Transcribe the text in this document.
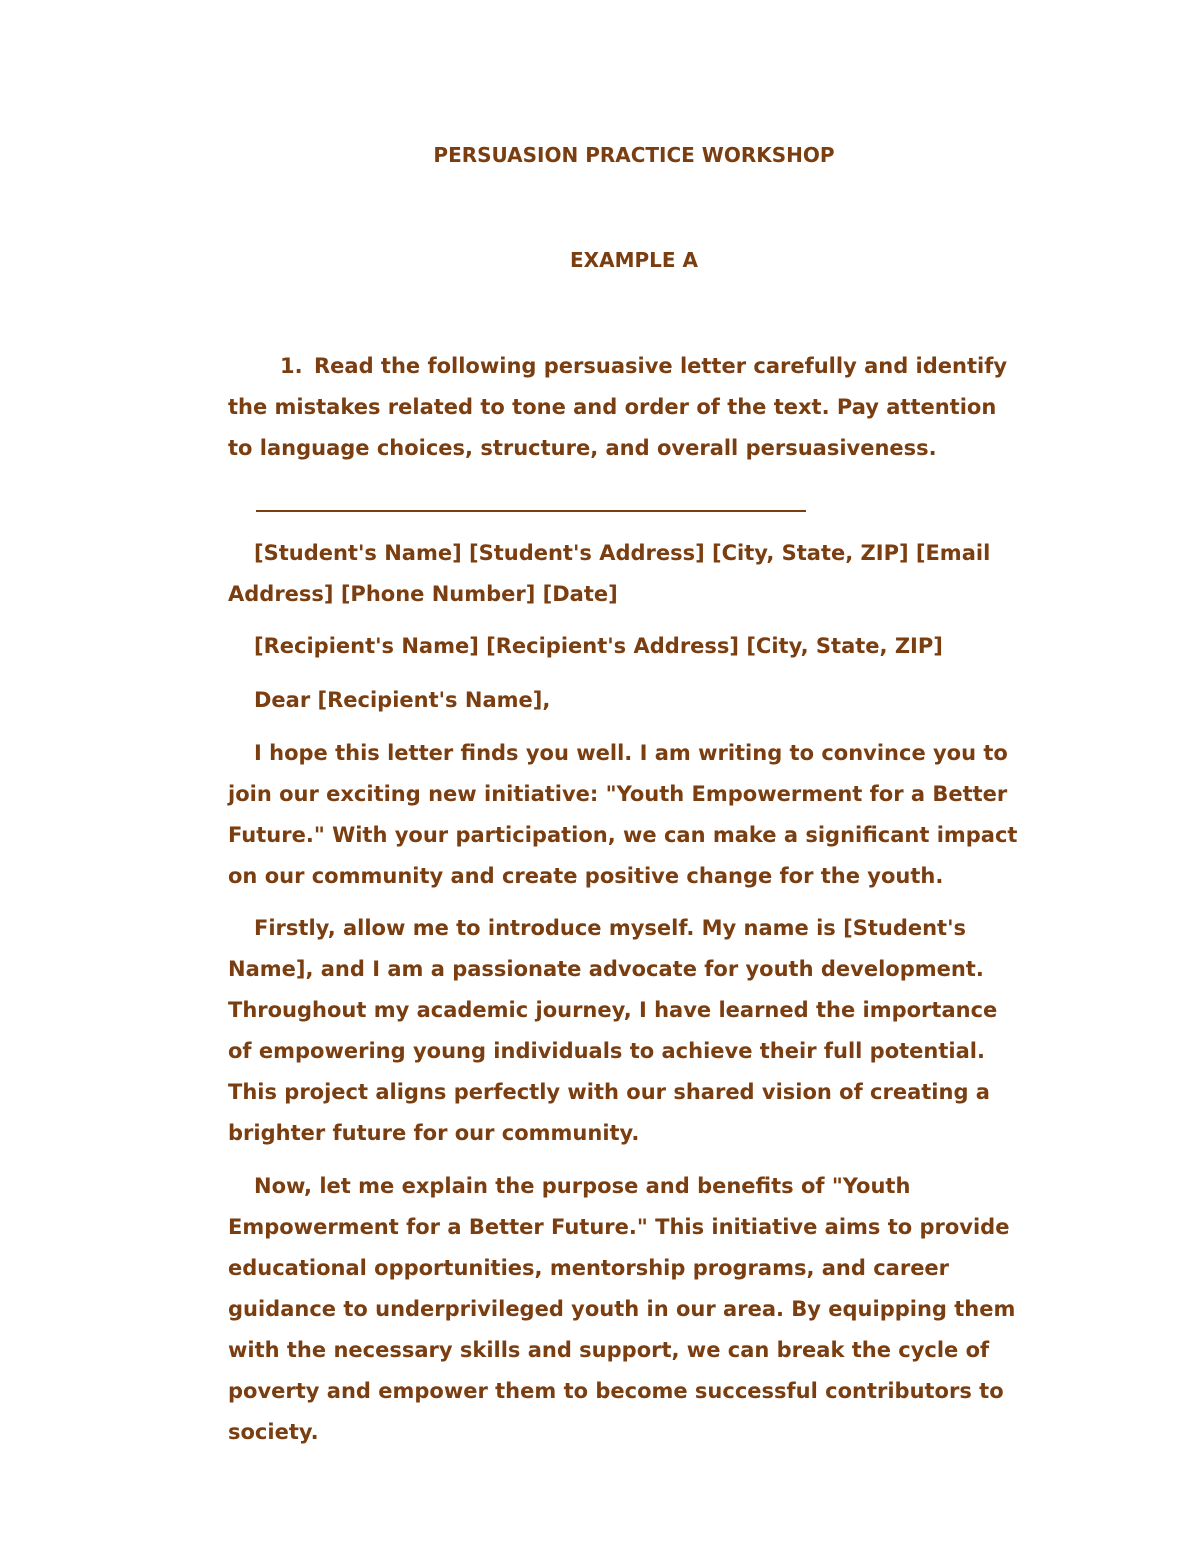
PERSUASION PRACTICE WORKSHOP
EXAMPLE A

1. Read the following persuasive letter carefully and identify the mistakes related to tone and order of the text. Pay attention to language choices, structure, and overall persuasiveness.

[Student's Name] [Student's Address] [City, State, ZIP] [Email Address] [Phone Number] [Date]

[Recipient's Name] [Recipient's Address] [City, State, ZIP]

Dear [Recipient's Name],

I hope this letter finds you well. I am writing to convince you to join our exciting new initiative: "Youth Empowerment for a Better Future." With your participation, we can make a significant impact on our community and create positive change for the youth.

Firstly, allow me to introduce myself. My name is [Student's Name], and I am a passionate advocate for youth development. Throughout my academic journey, I have learned the importance of empowering young individuals to achieve their full potential. This project aligns perfectly with our shared vision of creating a brighter future for our community.

Now, let me explain the purpose and benefits of "Youth Empowerment for a Better Future." This initiative aims to provide educational opportunities, mentorship programs, and career guidance to underprivileged youth in our area. By equipping them with the necessary skills and support, we can break the cycle of poverty and empower them to become successful contributors to society.
